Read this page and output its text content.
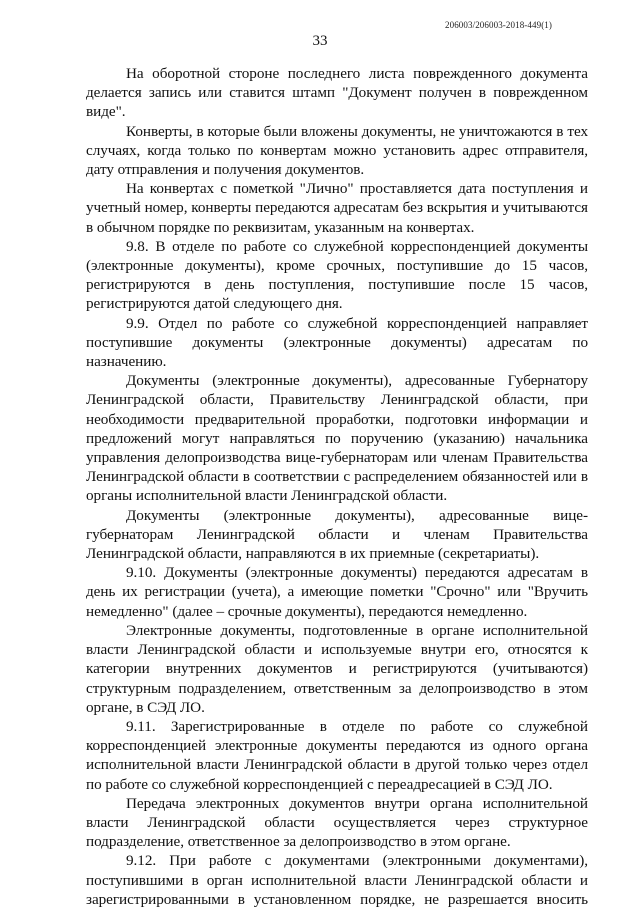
206003/206003-2018-449(1)
33

На оборотной стороне последнего листа поврежденного документа делается запись или ставится штамп "Документ получен в поврежденном виде".

Конверты, в которые были вложены документы, не уничтожаются в тех случаях, когда только по конвертам можно установить адрес отправителя, дату отправления и получения документов.

На конвертах с пометкой "Лично" проставляется дата поступления и учетный номер, конверты передаются адресатам без вскрытия и учитываются в обычном порядке по реквизитам, указанным на конвертах.

9.8. В отделе по работе со служебной корреспонденцией документы (электронные документы), кроме срочных, поступившие до 15 часов, регистрируются в день поступления, поступившие после 15 часов, регистрируются датой следующего дня.

9.9. Отдел по работе со служебной корреспонденцией направляет поступившие документы (электронные документы) адресатам по назначению.

Документы (электронные документы), адресованные Губернатору Ленинградской области, Правительству Ленинградской области, при необходимости предварительной проработки, подготовки информации и предложений могут направляться по поручению (указанию) начальника управления делопроизводства вице-губернаторам или членам Правительства Ленинградской области в соответствии с распределением обязанностей или в органы исполнительной власти Ленинградской области.

Документы (электронные документы), адресованные вице-губернаторам Ленинградской области и членам Правительства Ленинградской области, направляются в их приемные (секретариаты).

9.10. Документы (электронные документы) передаются адресатам в день их регистрации (учета), а имеющие пометки "Срочно" или "Вручить немедленно" (далее – срочные документы), передаются немедленно.

Электронные документы, подготовленные в органе исполнительной власти Ленинградской области и используемые внутри его, относятся к категории внутренних документов и регистрируются (учитываются) структурным подразделением, ответственным за делопроизводство в этом органе, в СЭД ЛО.

9.11. Зарегистрированные в отделе по работе со служебной корреспонденцией электронные документы передаются из одного органа исполнительной власти Ленинградской области в другой только через отдел по работе со служебной корреспонденцией с переадресацией в СЭД ЛО.

Передача электронных документов внутри органа исполнительной власти Ленинградской области осуществляется через структурное подразделение, ответственное за делопроизводство в этом органе.

9.12. При работе с документами (электронными документами), поступившими в орган исполнительной власти Ленинградской области и зарегистрированными в установленном порядке, не разрешается вносить
